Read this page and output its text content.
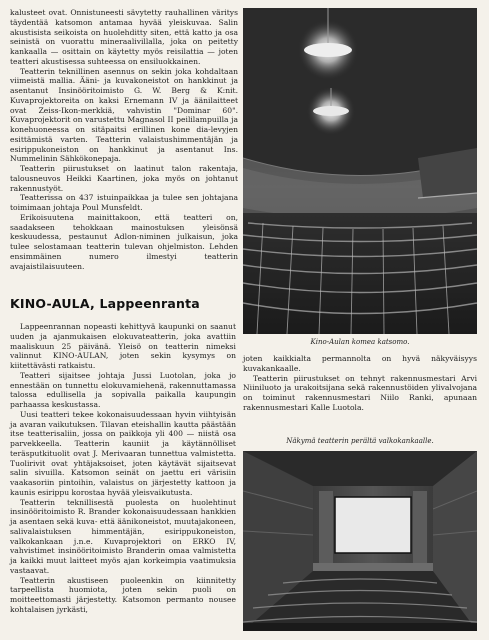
kalusteet ovat. Onnistuneesti sävytetty rauhallinen väritys täydentää katsomon antamaa hyvää yleiskuvaa. Salin akustisista seikoista on huolehditty siten, että katto ja osa seinistä on vuorattu mineraalivillalla, joka on peitetty kankaalla — osittain on käytetty myös reisilattia — joten teatteri akustisessa suhteessa on ensiluokkainen.

Teatterin teknillinen asennus on sekin joka kohdaltaan viimeistä mallia. Ääni- ja kuvakoneistot on hankkinut ja asentanut Insinööritoimisto G. W. Berg & K:nit. Kuvaprojektoreita on kaksi Ernemann IV ja äänilaitteet ovat Zeiss-Ikon-merkkiä, vahvistin "Dominar 60". Kuvaprojektorit on varustettu Magnasol II peililampuilla ja konehuoneessa on sitäpaitsi erillinen kone dia-levyjen esittämistä varten. Teatterin valaistushimmentäjän ja esirippukoneiston on hankkinut ja asentanut Ins. Nummelinin Sähkökonepaja.

Teatterin piirustukset on laatinut talon rakentaja, talousneuvos Heikki Kaartinen, joka myös on johtanut rakennustyöt.

Teatterissa on 437 istuinpaikkaa ja tulee sen johtajana toimimaan johtaja Poul Munsfeldt.

Erikoisuutena mainittakoon, että teatteri on, saadakseen tehokkaan mainostuksen yleisönsä keskuudessa, pestaunut Adlon-niminen julkaisun, joka tulee selostamaan teatterin tulevan ohjelmiston. Lehden ensimmäinen numero ilmestyi teatterin avajaistilaisuuteen.

Kino-Aulan komea katsomo.

KINO-AULA, Lappeenranta

Lappeenrannan nopeasti kehittyvä kaupunki on saanut uuden ja ajanmukaisen elokuvateatterin, joka avattiin maaliskuun 25 päivänä. Yleisö on teatterin nimeksi valinnut KINO-AULAN, joten sekin kysymys on kiitettävästi ratkaistu.

Teatteri sijaitsee johtaja Jussi Luotolan, joka jo ennestään on tunnettu elokuvamiehenä, rakennuttamassa talossa edullisella ja sopivalla paikalla kaupungin parhaassa keskustassa.

Uusi teatteri tekee kokonaisuudessaan hyvin viihtyisän ja avaran vaikutuksen. Tilavan eteishallin kautta päästään itse teatterisaliin, jossa on paikkoja yli 400 — niistä osa parvekkeella. Teatterin kauniit ja käytännölliset teräsputkituolit ovat J. Merivaaran tunnettua valmistetta. Tuolirivit ovat yhtäjaksoiset, joten käytävät sijaitsevat salin sivuilla. Katsomon seinät on jaettu eri värisiin vaakasoriin pintoihin, valaistus on järjestetty kattoon ja kaunis esirippu korostaa hyvää yleisvaikutusta.

Teatterin teknillisestä puolesta on huolehtinut insinööritoimisto R. Brander kokonaisuudessaan hankkien ja asentaen sekä kuva- että äänikoneistot, muutajakoneen, salivalaistuksen himmentäjän, esirippukoneiston, valkokankaan j.n.e. Kuvaprojektori on ERKO IV, vahvistimet insinööritoimisto Branderin omaa valmistetta ja kaikki muut laitteet myös ajan korkeimpia vaatimuksia vastaavat.

Teatterin akustiseen puoleenkin on kiinnitetty tarpeellista huomiota, joten sekin puoli on moitteettomasti järjestetty. Katsomon permanto nousee kohtalaisen jyrkästi,

joten kaikkialta permannolta on hyvä näkyväisyys kuvakankaalle.

Teatterin piirustukset on tehnyt rakennusmestari Arvi Niiniluoto ja urakoitsijana sekä rakennustöiden ylivalvojana on toiminut rakennusmestari Niilo Ranki, apunaan rakennusmestari Kalle Luotola.

Näkymä teatterin perältä valkokankaalle.
